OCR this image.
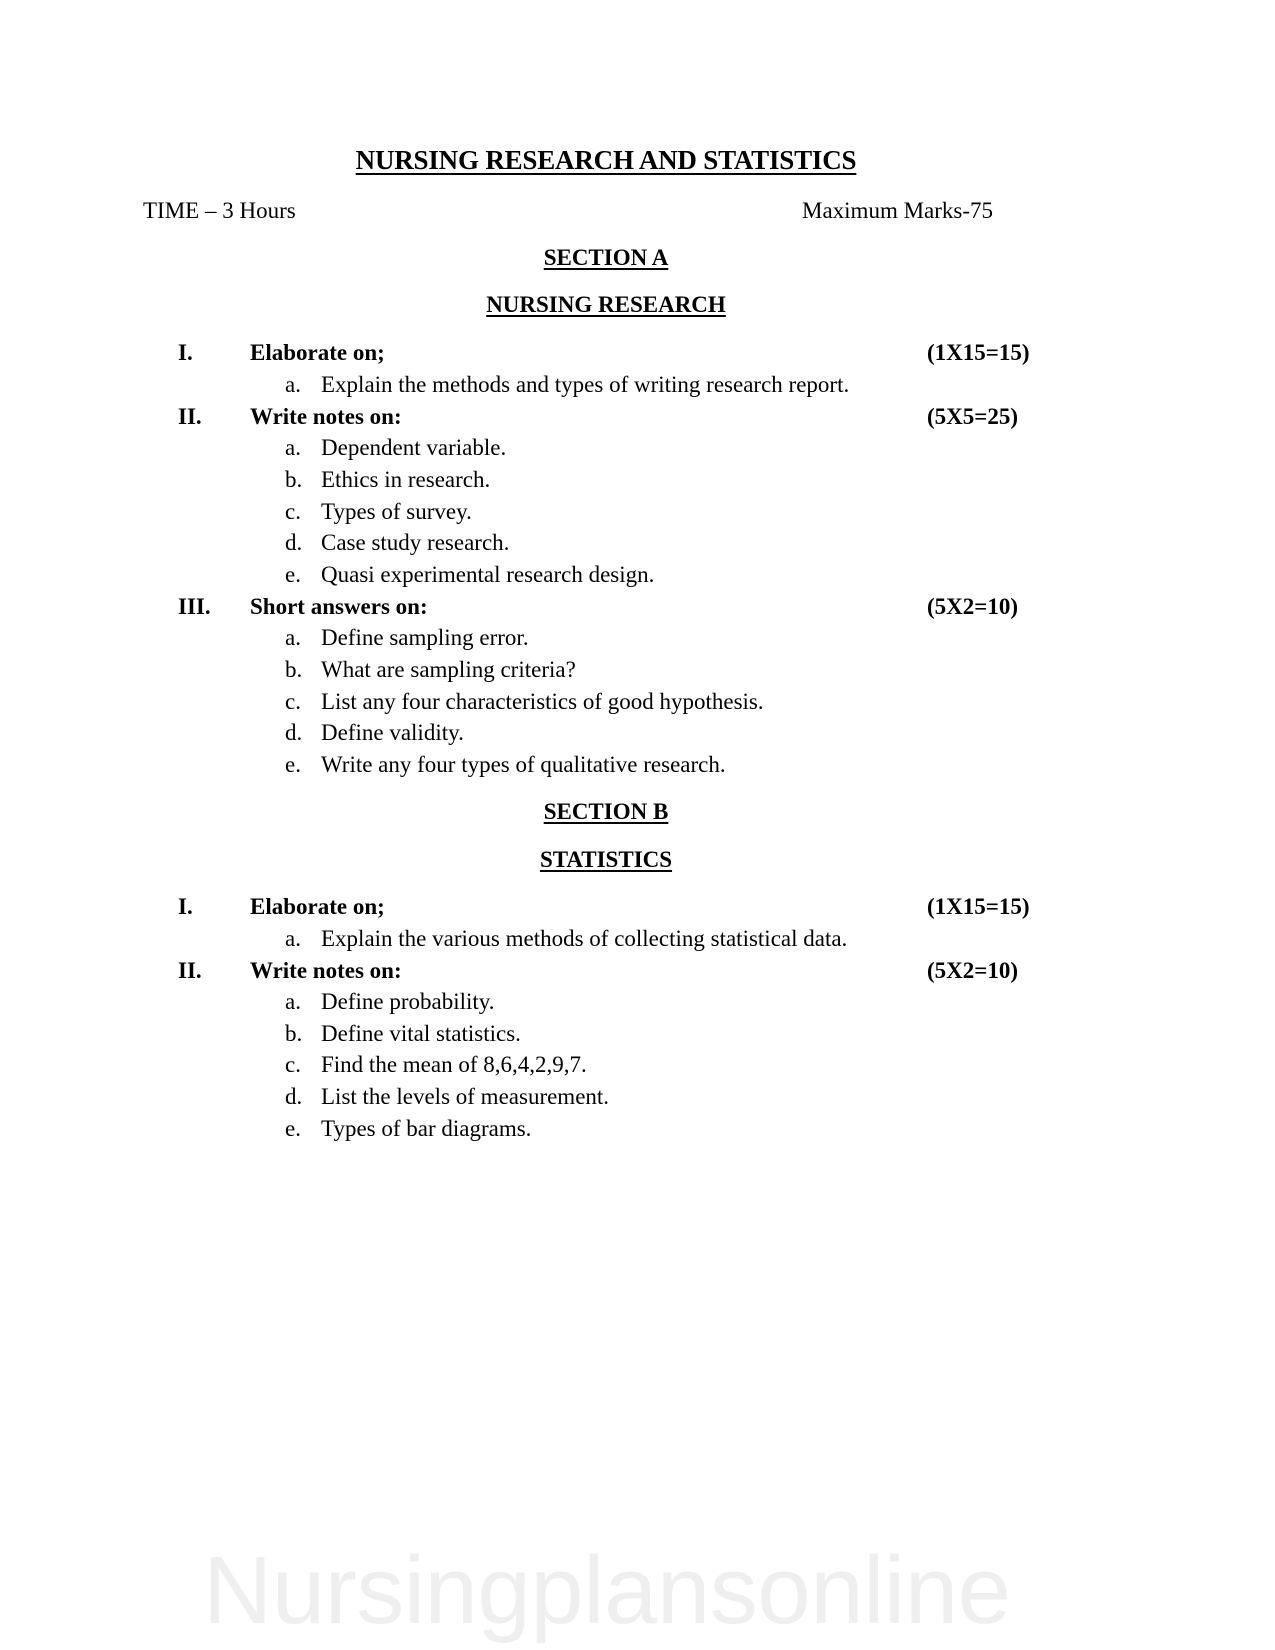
NURSING RESEARCH AND STATISTICS
TIME – 3 Hours	Maximum Marks-75
SECTION A
NURSING RESEARCH
I. Elaborate on;	(1X15=15)
a. Explain the methods and types of writing research report.
II. Write notes on:	(5X5=25)
a. Dependent variable.
b. Ethics in research.
c. Types of survey.
d. Case study research.
e. Quasi experimental research design.
III. Short answers on:	(5X2=10)
a. Define sampling error.
b. What are sampling criteria?
c. List any four characteristics of good hypothesis.
d. Define validity.
e. Write any four types of qualitative research.
SECTION B
STATISTICS
I. Elaborate on;	(1X15=15)
a. Explain the various methods of collecting statistical data.
II. Write notes on:	(5X2=10)
a. Define probability.
b. Define vital statistics.
c. Find the mean of 8,6,4,2,9,7.
d. List the levels of measurement.
e. Types of bar diagrams.
Nursingplansonline
